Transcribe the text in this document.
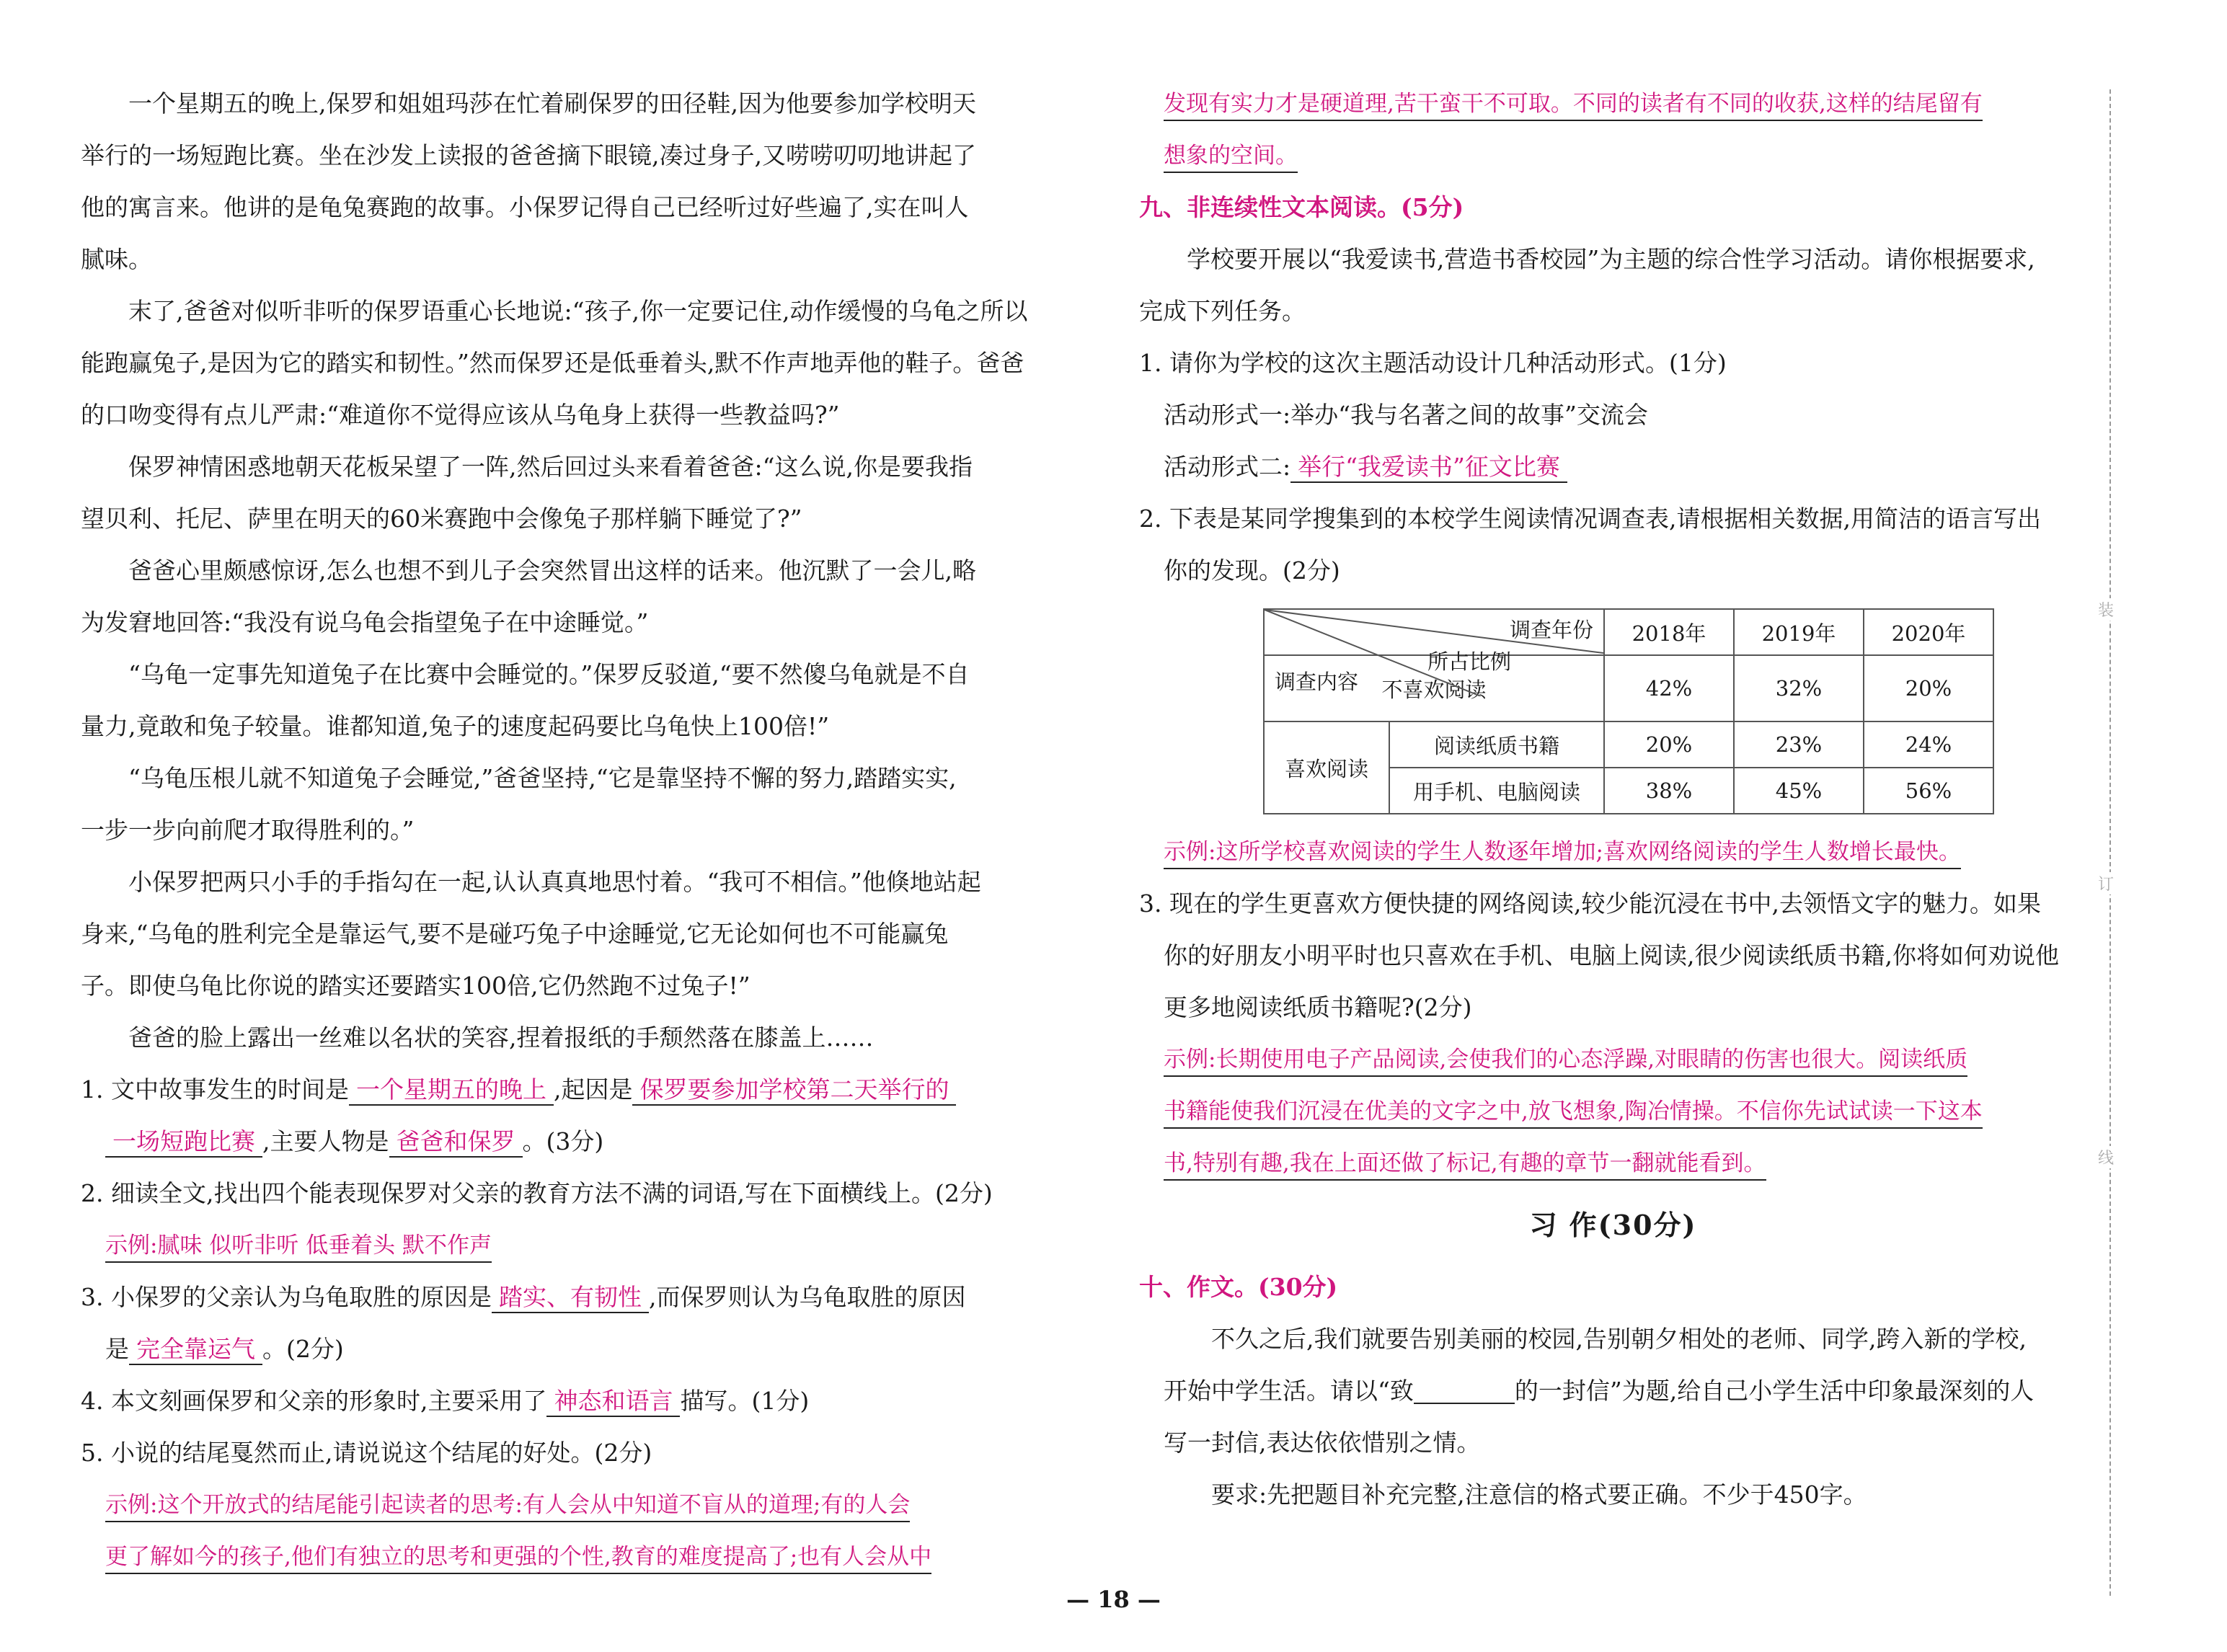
一个星期五的晚上,保罗和姐姐玛莎在忙着刷保罗的田径鞋,因为他要参加学校明天
举行的一场短跑比赛。坐在沙发上读报的爸爸摘下眼镜,凑过身子,又唠唠叨叨地讲起了
他的寓言来。他讲的是龟兔赛跑的故事。小保罗记得自己已经听过好些遍了,实在叫人
腻味。
末了,爸爸对似听非听的保罗语重心长地说:“孩子,你一定要记住,动作缓慢的乌龟之所以
能跑赢兔子,是因为它的踏实和韧性。”然而保罗还是低垂着头,默不作声地弄他的鞋子。爸爸
的口吻变得有点儿严肃:“难道你不觉得应该从乌龟身上获得一些教益吗?”
保罗神情困惑地朝天花板呆望了一阵,然后回过头来看着爸爸:“这么说,你是要我指
望贝利、托尼、萨里在明天的60米赛跑中会像兔子那样躺下睡觉了?”
爸爸心里颇感惊讶,怎么也想不到儿子会突然冒出这样的话来。他沉默了一会儿,略
为发窘地回答:“我没有说乌龟会指望兔子在中途睡觉。”
“乌龟一定事先知道兔子在比赛中会睡觉的。”保罗反驳道,“要不然傻乌龟就是不自
量力,竟敢和兔子较量。谁都知道,兔子的速度起码要比乌龟快上100倍!”
“乌龟压根儿就不知道兔子会睡觉,”爸爸坚持,“它是靠坚持不懈的努力,踏踏实实,
一步一步向前爬才取得胜利的。”
小保罗把两只小手的手指勾在一起,认认真真地思忖着。“我可不相信。”他倏地站起
身来,“乌龟的胜利完全是靠运气,要不是碰巧兔子中途睡觉,它无论如何也不可能赢兔
子。即使乌龟比你说的踏实还要踏实100倍,它仍然跑不过兔子!”
爸爸的脸上露出一丝难以名状的笑容,捏着报纸的手颓然落在膝盖上……
1. 文中故事发生的时间是 一个星期五的晚上 ,起因是 保罗要参加学校第二天举行的
一场短跑比赛 ,主要人物是 爸爸和保罗 。(3分)
2. 细读全文,找出四个能表现保罗对父亲的教育方法不满的词语,写在下面横线上。(2分)
示例:腻味 似听非听 低垂着头 默不作声
3. 小保罗的父亲认为乌龟取胜的原因是 踏实、有韧性 ,而保罗则认为乌龟取胜的原因
是 完全靠运气 。(2分)
4. 本文刻画保罗和父亲的形象时,主要采用了 神态和语言 描写。(1分)
5. 小说的结尾戛然而止,请说说这个结尾的好处。(2分)
示例:这个开放式的结尾能引起读者的思考:有人会从中知道不盲从的道理;有的人会
更了解如今的孩子,他们有独立的思考和更强的个性,教育的难度提高了;也有人会从中
发现有实力才是硬道理,苦干蛮干不可取。不同的读者有不同的收获,这样的结尾留有
想象的空间。
九、非连续性文本阅读。(5分)
学校要开展以“我爱读书,营造书香校园”为主题的综合性学习活动。请你根据要求,
完成下列任务。
1. 请你为学校的这次主题活动设计几种活动形式。(1分)
活动形式一:举办“我与名著之间的故事”交流会
活动形式二: 举行“我爱读书”征文比赛
2. 下表是某同学搜集到的本校学生阅读情况调查表,请根据相关数据,用简洁的语言写出
你的发现。(2分)
调查年份
所占比例
调查内容		2018年	2019年	2020年
不喜欢阅读		42%	32%	20%
喜欢阅读	阅读纸质书籍	20%	23%	24%
	用手机、电脑阅读	38%	45%	56%
示例:这所学校喜欢阅读的学生人数逐年增加;喜欢网络阅读的学生人数增长最快。
3. 现在的学生更喜欢方便快捷的网络阅读,较少能沉浸在书中,去领悟文字的魅力。如果
你的好朋友小明平时也只喜欢在手机、电脑上阅读,很少阅读纸质书籍,你将如何劝说他
更多地阅读纸质书籍呢?(2分)
示例:长期使用电子产品阅读,会使我们的心态浮躁,对眼睛的伤害也很大。阅读纸质
书籍能使我们沉浸在优美的文字之中,放飞想象,陶冶情操。不信你先试试读一下这本
书,特别有趣,我在上面还做了标记,有趣的章节一翻就能看到。
习 作(30分)
十、作文。(30分)
不久之后,我们就要告别美丽的校园,告别朝夕相处的老师、同学,跨入新的学校,
开始中学生活。请以“致	的一封信”为题,给自己小学生活中印象最深刻的人
写一封信,表达依依惜别之情。
要求:先把题目补充完整,注意信的格式要正确。不少于450字。
装
订
线
— 18 —
